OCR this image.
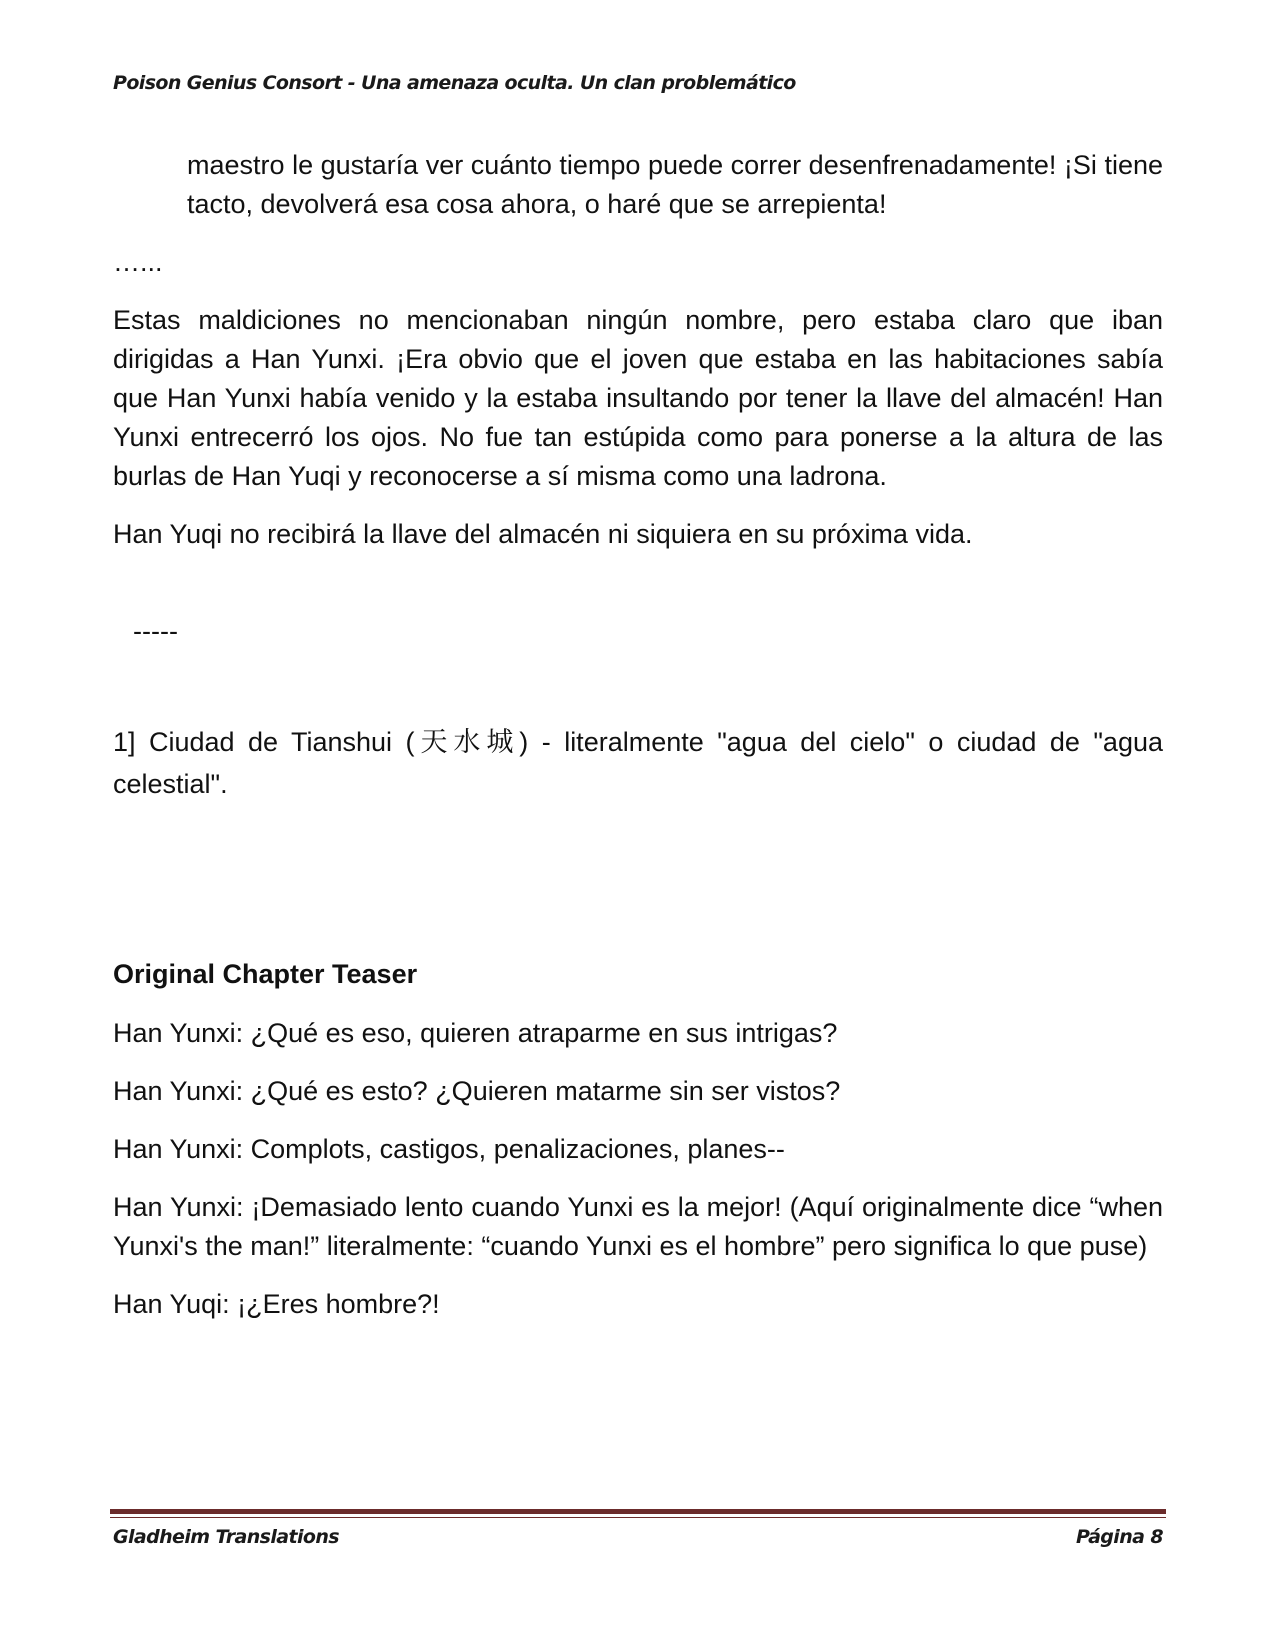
Poison Genius Consort - Una amenaza oculta. Un clan problemático

maestro le gustaría ver cuánto tiempo puede correr desenfrenadamente! ¡Si tiene tacto, devolverá esa cosa ahora, o haré que se arrepienta!

…...

Estas maldiciones no mencionaban ningún nombre, pero estaba claro que iban dirigidas a Han Yunxi. ¡Era obvio que el joven que estaba en las habitaciones sabía que Han Yunxi había venido y la estaba insultando por tener la llave del almacén! Han Yunxi entrecerró los ojos. No fue tan estúpida como para ponerse a la altura de las burlas de Han Yuqi y reconocerse a sí misma como una ladrona.

Han Yuqi no recibirá la llave del almacén ni siquiera en su próxima vida.

-----

1] Ciudad de Tianshui (天水城) - literalmente "agua del cielo" o ciudad de "agua celestial".

Original Chapter Teaser

Han Yunxi: ¿Qué es eso, quieren atraparme en sus intrigas?

Han Yunxi: ¿Qué es esto? ¿Quieren matarme sin ser vistos?

Han Yunxi: Complots, castigos, penalizaciones, planes--

Han Yunxi: ¡Demasiado lento cuando Yunxi es la mejor! (Aquí originalmente dice “when Yunxi's the man!” literalmente: “cuando Yunxi es el hombre” pero significa lo que puse)

Han Yuqi: ¡¿Eres hombre?!

Gladheim Translations	Página 8
